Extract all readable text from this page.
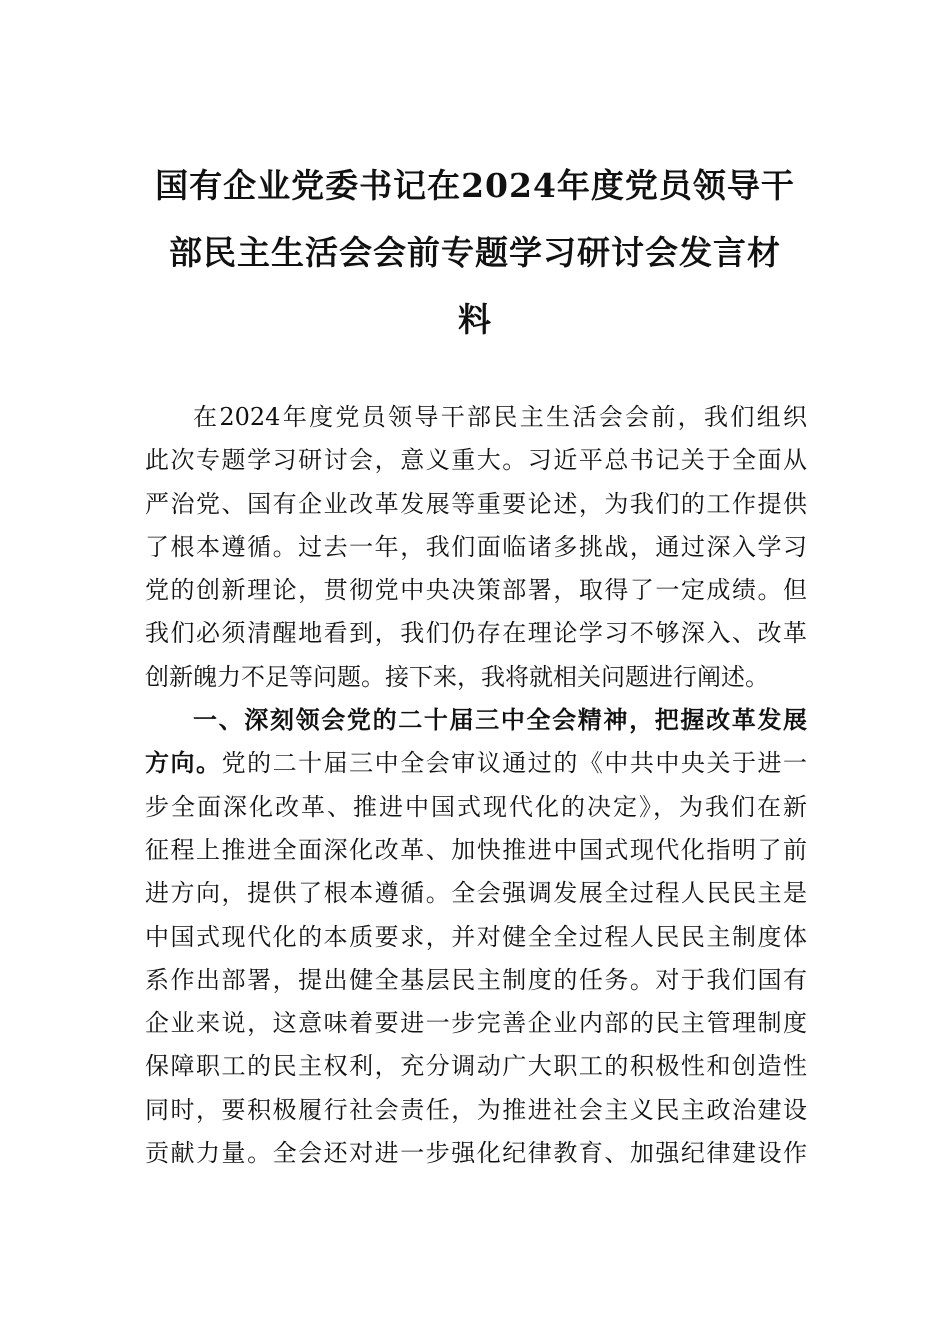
国有企业党委书记在2024年度党员领导干
部民主生活会会前专题学习研讨会发言材
料
在2024年度党员领导干部民主生活会会前，我们组织
此次专题学习研讨会，意义重大。习近平总书记关于全面从
严治党、国有企业改革发展等重要论述，为我们的工作提供
了根本遵循。过去一年，我们面临诸多挑战，通过深入学习
党的创新理论，贯彻党中央决策部署，取得了一定成绩。但
我们必须清醒地看到，我们仍存在理论学习不够深入、改革
创新魄力不足等问题。接下来，我将就相关问题进行阐述。
一、深刻领会党的二十届三中全会精神，把握改革发展
方向。党的二十届三中全会审议通过的《中共中央关于进一
步全面深化改革、推进中国式现代化的决定》，为我们在新
征程上推进全面深化改革、加快推进中国式现代化指明了前
进方向，提供了根本遵循。全会强调发展全过程人民民主是
中国式现代化的本质要求，并对健全全过程人民民主制度体
系作出部署，提出健全基层民主制度的任务。对于我们国有
企业来说，这意味着要进一步完善企业内部的民主管理制度
保障职工的民主权利，充分调动广大职工的积极性和创造性
同时，要积极履行社会责任，为推进社会主义民主政治建设
贡献力量。全会还对进一步强化纪律教育、加强纪律建设作
